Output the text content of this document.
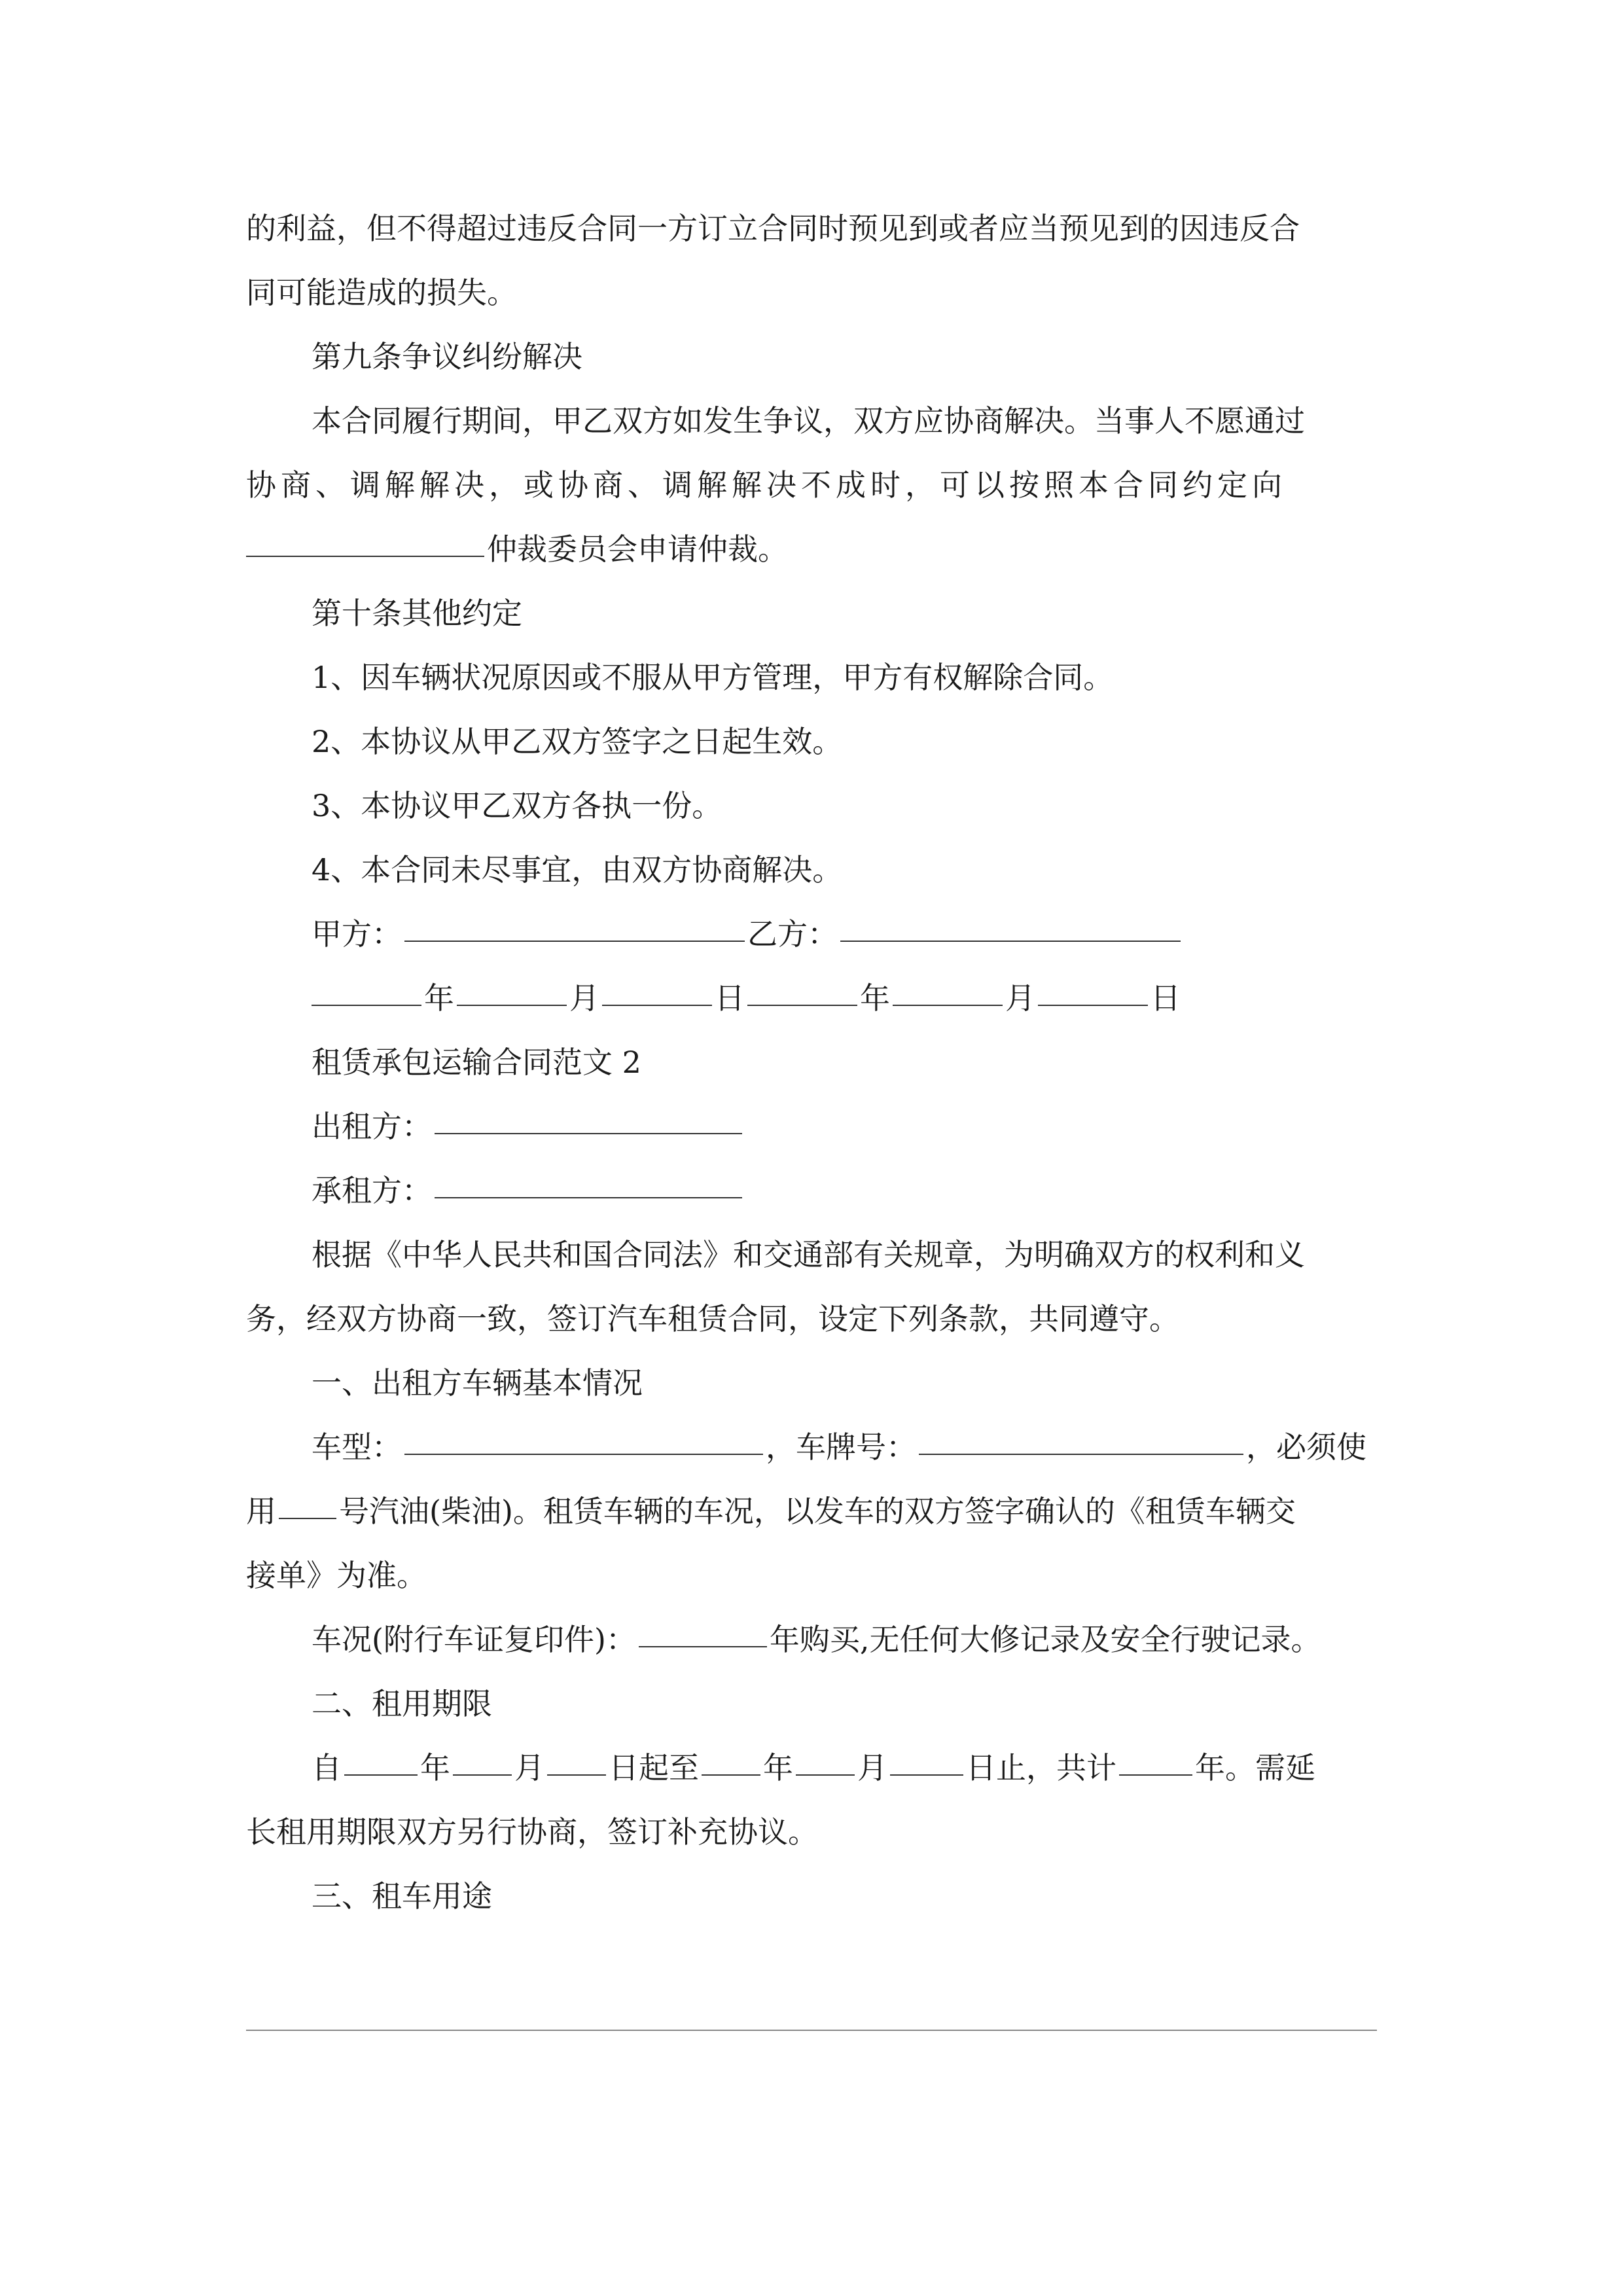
的利益，但不得超过违反合同一方订立合同时预见到或者应当预见到的因违反合
同可能造成的损失。
第九条争议纠纷解决
本合同履行期间，甲乙双方如发生争议，双方应协商解决。当事人不愿通过
协商、调解解决，或协商、调解解决不成时，可以按照本合同约定向
仲裁委员会申请仲裁。
第十条其他约定
1、因车辆状况原因或不服从甲方管理，甲方有权解除合同。
2、本协议从甲乙双方签字之日起生效。
3、本协议甲乙双方各执一份。
4、本合同未尽事宜，由双方协商解决。
甲方：	乙方：
年	月	日	年	月	日
租赁承包运输合同范文 2
出租方：
承租方：
根据《中华人民共和国合同法》和交通部有关规章，为明确双方的权利和义
务，经双方协商一致，签订汽车租赁合同，设定下列条款，共同遵守。
一、出租方车辆基本情况
车型：	，车牌号：	，必须使
用 号汽油(柴油)。租赁车辆的车况，以发车的双方签字确认的《租赁车辆交
接单》为准。
车况(附行车证复印件)：	年购买,无任何大修记录及安全行驶记录。
二、租用期限
自	年 月 日起至 年 月	日止，共计	年。需延
长租用期限双方另行协商，签订补充协议。
三、租车用途
